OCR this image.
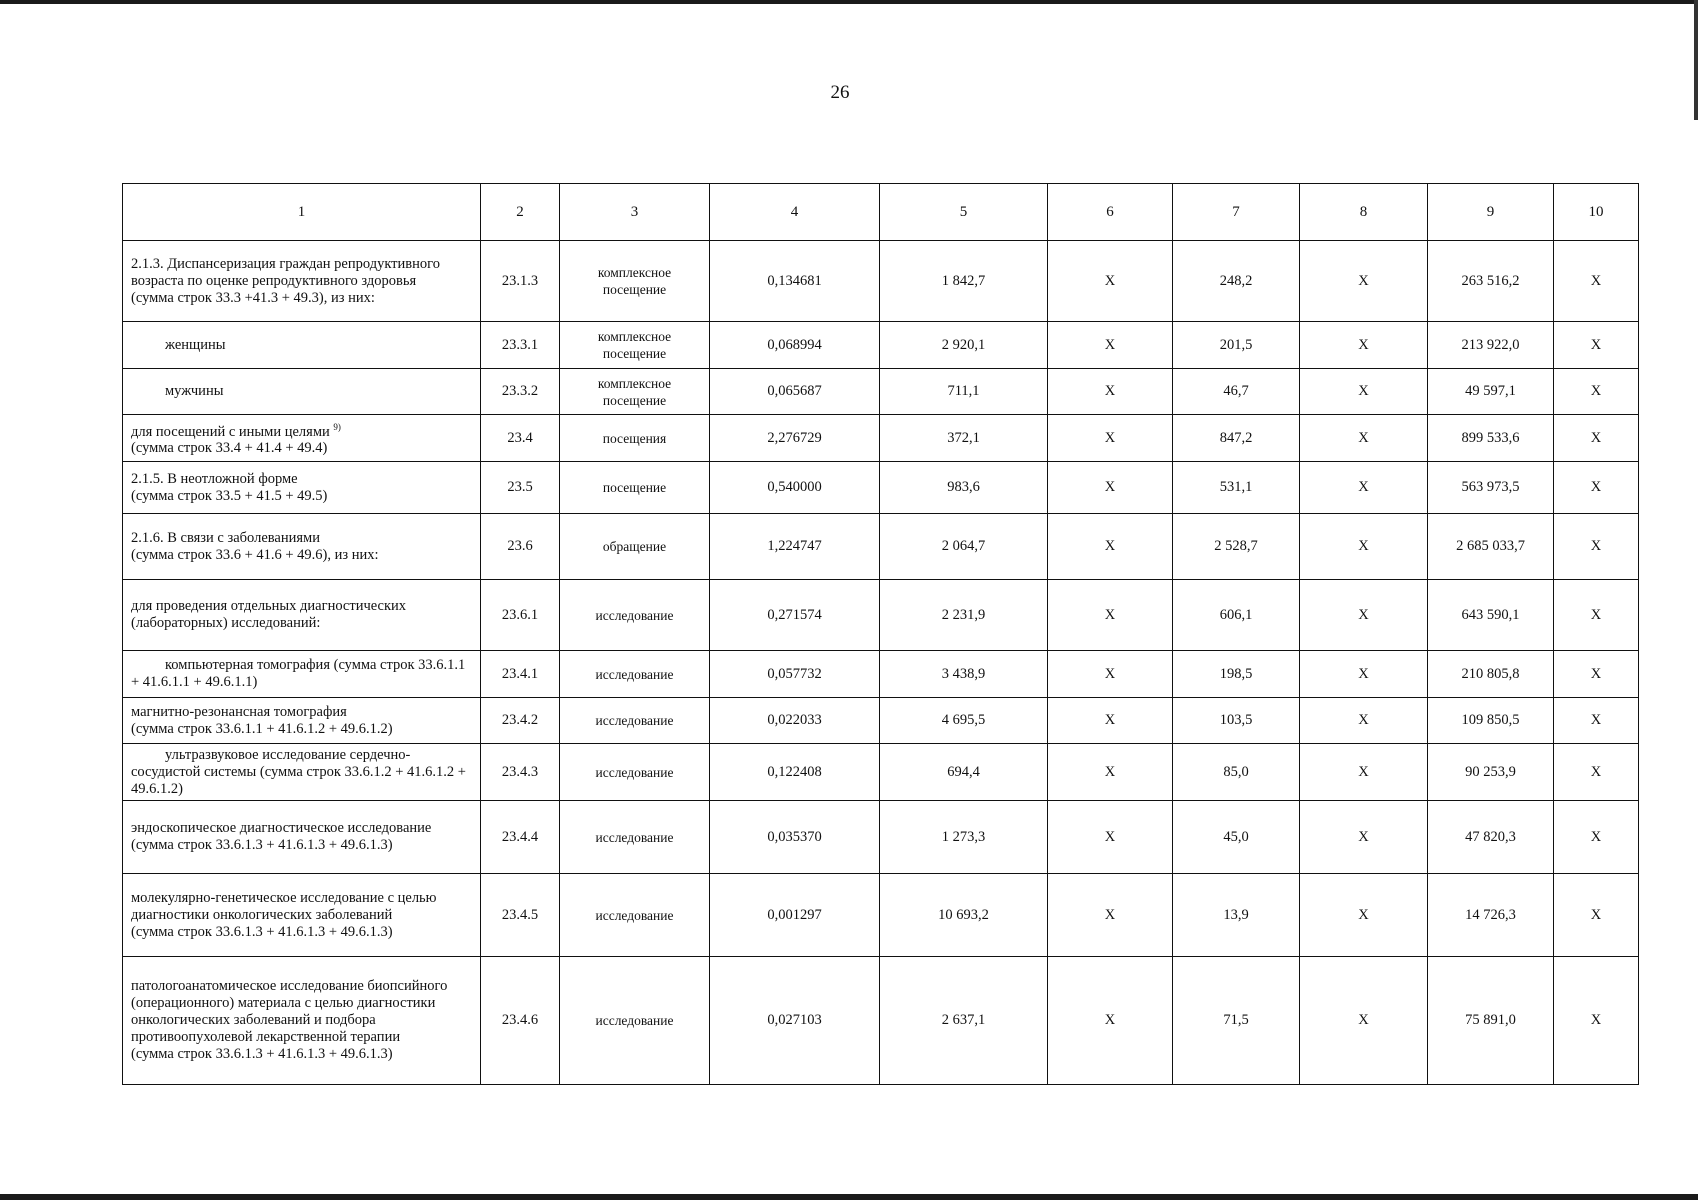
26
1	2	3	4	5	6	7	8	9	10

2.1.3. Диспансеризация граждан репродуктивного возраста по оценке репродуктивного здоровья
(сумма строк 33.3 +41.3 + 49.3), из них:	23.1.3	комплексное посещение	0,134681	1 842,7	X	248,2	X	263 516,2	X
женщины	23.3.1	комплексное посещение	0,068994	2 920,1	X	201,5	X	213 922,0	X
мужчины	23.3.2	комплексное посещение	0,065687	711,1	X	46,7	X	49 597,1	X

для посещений с иными целями $^{9)}$
(сумма строк 33.4 + 41.4 + 49.4)	23.4	посещения	2,276729	372,1	X	847,2	X	899 533,6	X

2.1.5. В неотложной форме
(сумма строк 33.5 + 41.5 + 49.5)	23.5	посещение	0,540000	983,6	X	531,1	X	563 973,5	X

2.1.6. В связи с заболеваниями
(сумма строк 33.6 + 41.6 + 49.6), из них:	23.6	обращение	1,224747	2 064,7	X	2 528,7	X	2 685 033,7	X
для проведения отдельных диагностических (лабораторных) исследований:	23.6.1	исследование	0,271574	2 231,9	X	606,1	X	643 590,1	X
компьютерная томография (сумма строк 33.6.1.1 + 41.6.1.1 + 49.6.1.1)	23.4.1	исследование	0,057732	3 438,9	X	198,5	X	210 805,8	X

магнитно-резонансная томография
(сумма строк 33.6.1.1 + 41.6.1.2 + 49.6.1.2)	23.4.2	исследование	0,022033	4 695,5	X	103,5	X	109 850,5	X
ультразвуковое исследование сердечно-сосудистой системы (сумма строк 33.6.1.2 + 41.6.1.2 + 49.6.1.2)	23.4.3	исследование	0,122408	694,4	X	85,0	X	90 253,9	X

эндоскопическое диагностическое исследование
(сумма строк 33.6.1.3 + 41.6.1.3 + 49.6.1.3)	23.4.4	исследование	0,035370	1 273,3	X	45,0	X	47 820,3	X

молекулярно-генетическое исследование с целью диагностики онкологических заболеваний
(сумма строк 33.6.1.3 + 41.6.1.3 + 49.6.1.3)	23.4.5	исследование	0,001297	10 693,2	X	13,9	X	14 726,3	X

патологоанатомическое исследование биопсийного (операционного) материала с целью диагностики онкологических заболеваний и подбора противоопухолевой лекарственной терапии
(сумма строк 33.6.1.3 + 41.6.1.3 + 49.6.1.3)	23.4.6	исследование	0,027103	2 637,1	X	71,5	X	75 891,0	X
